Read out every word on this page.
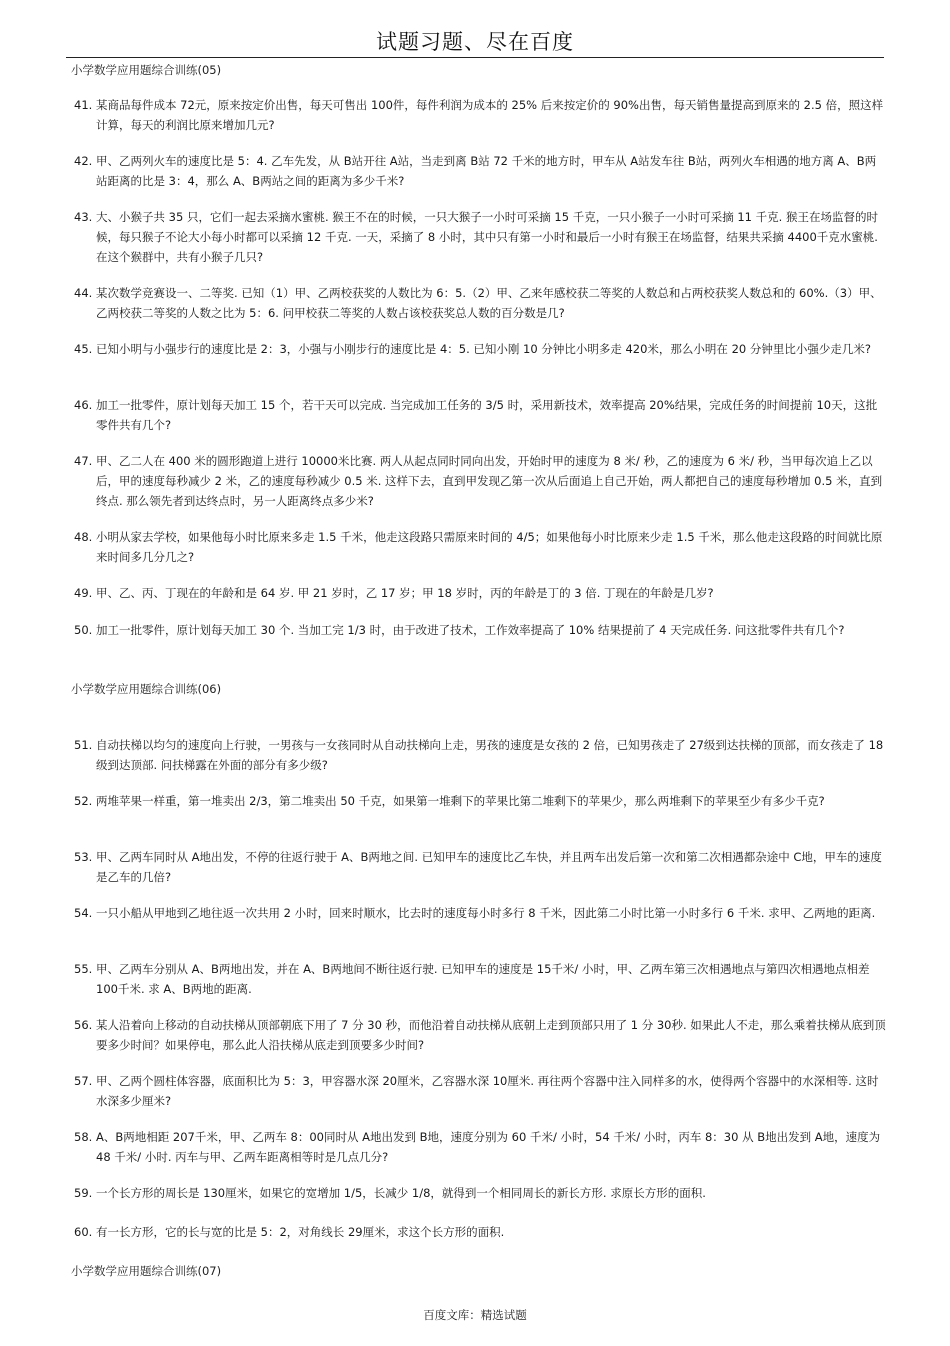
试题习题、尽在百度
小学数学应用题综合训练(05)
41. 某商品每件成本 72元，原来按定价出售，每天可售出 100件，每件利润为成本的 25% 后来按定价的 90%出售，每天销售量提高到原来的 2.5 倍，照这样计算，每天的利润比原来增加几元?
42. 甲、乙两列火车的速度比是 5：4. 乙车先发，从 B站开往 A站，当走到离 B站 72 千米的地方时，甲车从 A站发车往 B站，两列火车相遇的地方离 A、B两站距离的比是 3：4，那么 A、B两站之间的距离为多少千米?
43. 大、小猴子共 35 只，它们一起去采摘水蜜桃. 猴王不在的时候，一只大猴子一小时可采摘 15 千克，一只小猴子一小时可采摘 11 千克. 猴王在场监督的时候，每只猴子不论大小每小时都可以采摘 12 千克. 一天，采摘了 8 小时，其中只有第一小时和最后一小时有猴王在场监督，结果共采摘 4400千克水蜜桃. 在这个猴群中，共有小猴子几只?
44. 某次数学竞赛设一、二等奖. 已知（1）甲、乙两校获奖的人数比为 6：5.（2）甲、乙来年感校获二等奖的人数总和占两校获奖人数总和的 60%.（3）甲、乙两校获二等奖的人数之比为 5：6. 问甲校获二等奖的人数占该校获奖总人数的百分数是几?
45. 已知小明与小强步行的速度比是 2：3，小强与小刚步行的速度比是 4：5. 已知小刚 10 分钟比小明多走 420米，那么小明在 20 分钟里比小强少走几米?
46. 加工一批零件，原计划每天加工 15 个，若干天可以完成. 当完成加工任务的 3/5 时，采用新技术，效率提高 20%结果，完成任务的时间提前 10天，这批零件共有几个?
47. 甲、乙二人在 400 米的圆形跑道上进行 10000米比赛. 两人从起点同时同向出发，开始时甲的速度为 8 米/ 秒，乙的速度为 6 米/ 秒，当甲每次追上乙以后，甲的速度每秒减少 2 米，乙的速度每秒减少 0.5 米. 这样下去，直到甲发现乙第一次从后面追上自己开始，两人都把自己的速度每秒增加 0.5 米，直到终点. 那么领先者到达终点时，另一人距离终点多少米?
48. 小明从家去学校，如果他每小时比原来多走 1.5 千米，他走这段路只需原来时间的 4/5；如果他每小时比原来少走 1.5 千米，那么他走这段路的时间就比原来时间多几分几之?
49. 甲、乙、丙、丁现在的年龄和是 64 岁. 甲 21 岁时，乙 17 岁；甲 18 岁时，丙的年龄是丁的 3 倍. 丁现在的年龄是几岁?
50. 加工一批零件，原计划每天加工 30 个. 当加工完 1/3 时，由于改进了技术，工作效率提高了 10% 结果提前了 4 天完成任务. 问这批零件共有几个?
小学数学应用题综合训练(06)
51. 自动扶梯以均匀的速度向上行驶，一男孩与一女孩同时从自动扶梯向上走，男孩的速度是女孩的 2 倍，已知男孩走了 27级到达扶梯的顶部，而女孩走了 18级到达顶部. 问扶梯露在外面的部分有多少级?
52. 两堆苹果一样重，第一堆卖出 2/3，第二堆卖出 50 千克，如果第一堆剩下的苹果比第二堆剩下的苹果少，那么两堆剩下的苹果至少有多少千克?
53. 甲、乙两车同时从 A地出发，不停的往返行驶于 A、B两地之间. 已知甲车的速度比乙车快，并且两车出发后第一次和第二次相遇都杂途中 C地，甲车的速度是乙车的几倍?
54. 一只小船从甲地到乙地往返一次共用 2 小时，回来时顺水，比去时的速度每小时多行 8 千米，因此第二小时比第一小时多行 6 千米. 求甲、乙两地的距离.
55. 甲、乙两车分别从 A、B两地出发，并在 A、B两地间不断往返行驶. 已知甲车的速度是 15千米/ 小时，甲、乙两车第三次相遇地点与第四次相遇地点相差 100千米. 求 A、B两地的距离.
56. 某人沿着向上移动的自动扶梯从顶部朝底下用了 7 分 30 秒，而他沿着自动扶梯从底朝上走到顶部只用了 1 分 30秒. 如果此人不走，那么乘着扶梯从底到顶要多少时间？如果停电，那么此人沿扶梯从底走到顶要多少时间?
57. 甲、乙两个圆柱体容器，底面积比为 5：3，甲容器水深 20厘米，乙容器水深 10厘米. 再往两个容器中注入同样多的水，使得两个容器中的水深相等. 这时水深多少厘米?
58. A、B两地相距 207千米，甲、乙两车 8：00同时从 A地出发到 B地，速度分别为 60 千米/ 小时，54 千米/ 小时，丙车 8：30 从 B地出发到 A地，速度为 48 千米/ 小时. 丙车与甲、乙两车距离相等时是几点几分?
59. 一个长方形的周长是 130厘米，如果它的宽增加 1/5，长减少 1/8，就得到一个相同周长的新长方形. 求原长方形的面积.
60. 有一长方形，它的长与宽的比是 5：2，对角线长 29厘米，求这个长方形的面积.
小学数学应用题综合训练(07)
百度文库：精选试题
